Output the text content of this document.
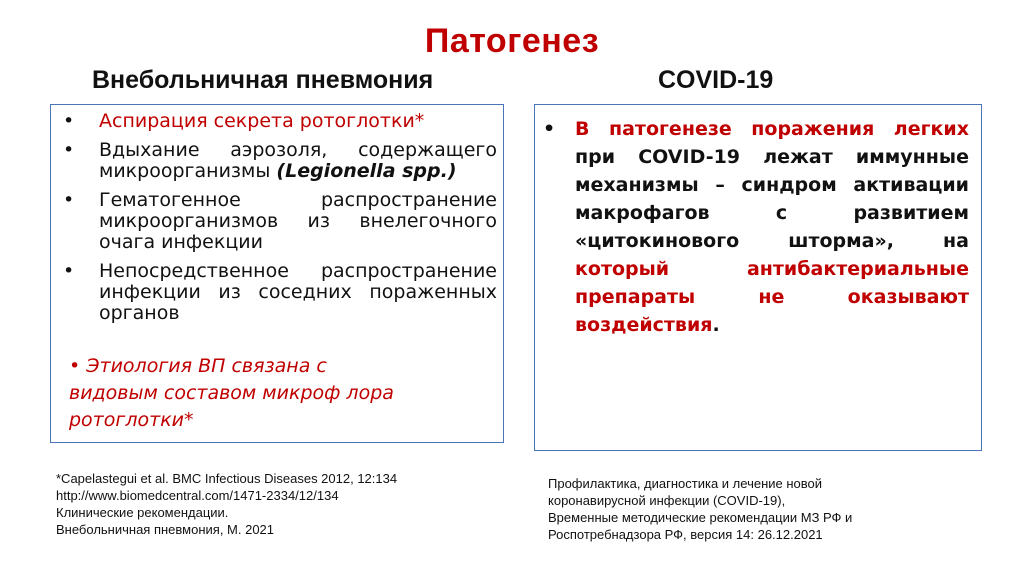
Патогенез
Внебольничная пневмония	COVID-19
• Аспирация секрета ротоглотки*
• Вдыхание аэрозоля, содержащего микроорганизмы (Legionella spp.)
• Гематогенное распространение микроорганизмов из внелегочного очага инфекции
• Непосредственное распространение инфекции из соседних пораженных органов
• Этиология ВП связана с
видовым составом микроф лора
ротоглотки*
• В патогенезе поражения легких при COVID-19 лежат иммунные механизмы – синдром активации макрофагов с развитием «цитокинового шторма», на который антибактериальные препараты не оказывают воздействия.
*Capelastegui et al. BMC Infectious Diseases 2012, 12:134
http://www.biomedcentral.com/1471-2334/12/134
Клинические рекомендации.
Внебольничная пневмония, М. 2021
Профилактика, диагностика и лечение новой
коронавирусной инфекции (COVID-19),
Временные методические рекомендации МЗ РФ и
Роспотребнадзора РФ, версия 14: 26.12.2021
